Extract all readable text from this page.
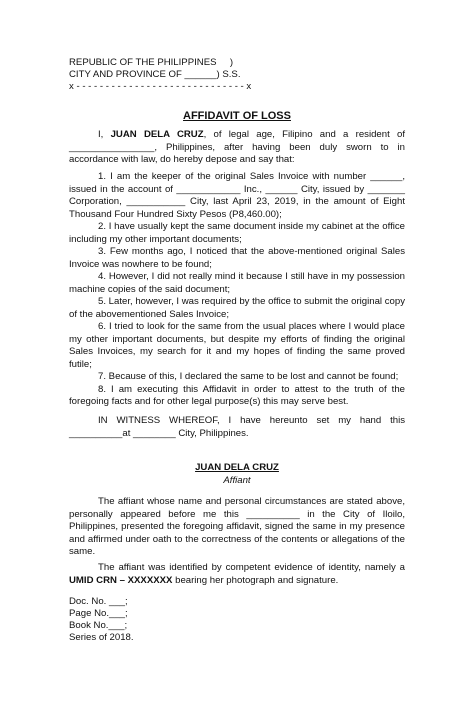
REPUBLIC OF THE PHILIPPINES     )
CITY AND PROVINCE OF ______) S.S.
x - - - - - - - - - - - - - - - - - - - - - - - - - - - - - x
AFFIDAVIT OF LOSS

I, JUAN DELA CRUZ, of legal age, Filipino and a resident of ________________, Philippines, after having been duly sworn to in accordance with law, do hereby depose and say that:

1. I am the keeper of the original Sales Invoice with number ______, issued in the account of ____________ Inc., ______ City, issued by _______ Corporation, ___________ City, last April 23, 2019, in the amount of Eight Thousand Four Hundred Sixty Pesos (P8,460.00);

2. I have usually kept the same document inside my cabinet at the office including my other important documents;

3. Few months ago, I noticed that the above-mentioned original Sales Invoice was nowhere to be found;

4. However, I did not really mind it because I still have in my possession machine copies of the said document;

5. Later, however, I was required by the office to submit the original copy of the abovementioned Sales Invoice;

6. I tried to look for the same from the usual places where I would place my other important documents, but despite my efforts of finding the original Sales Invoices, my search for it and my hopes of finding the same proved futile;

7. Because of this, I declared the same to be lost and cannot be found;

8. I am executing this Affidavit in order to attest to the truth of the foregoing facts and for other legal purpose(s) this may serve best.

IN WITNESS WHEREOF, I have hereunto set my hand this __________at ________ City, Philippines.

JUAN DELA CRUZ
Affiant

The affiant whose name and personal circumstances are stated above, personally appeared before me this __________ in the City of Iloilo, Philippines, presented the foregoing affidavit, signed the same in my presence and affirmed under oath to the correctness of the contents or allegations of the same.

The affiant was identified by competent evidence of identity, namely a UMID CRN – XXXXXXX bearing her photograph and signature.

Doc. No. ___;
Page No.___;
Book No.___;
Series of 2018.
